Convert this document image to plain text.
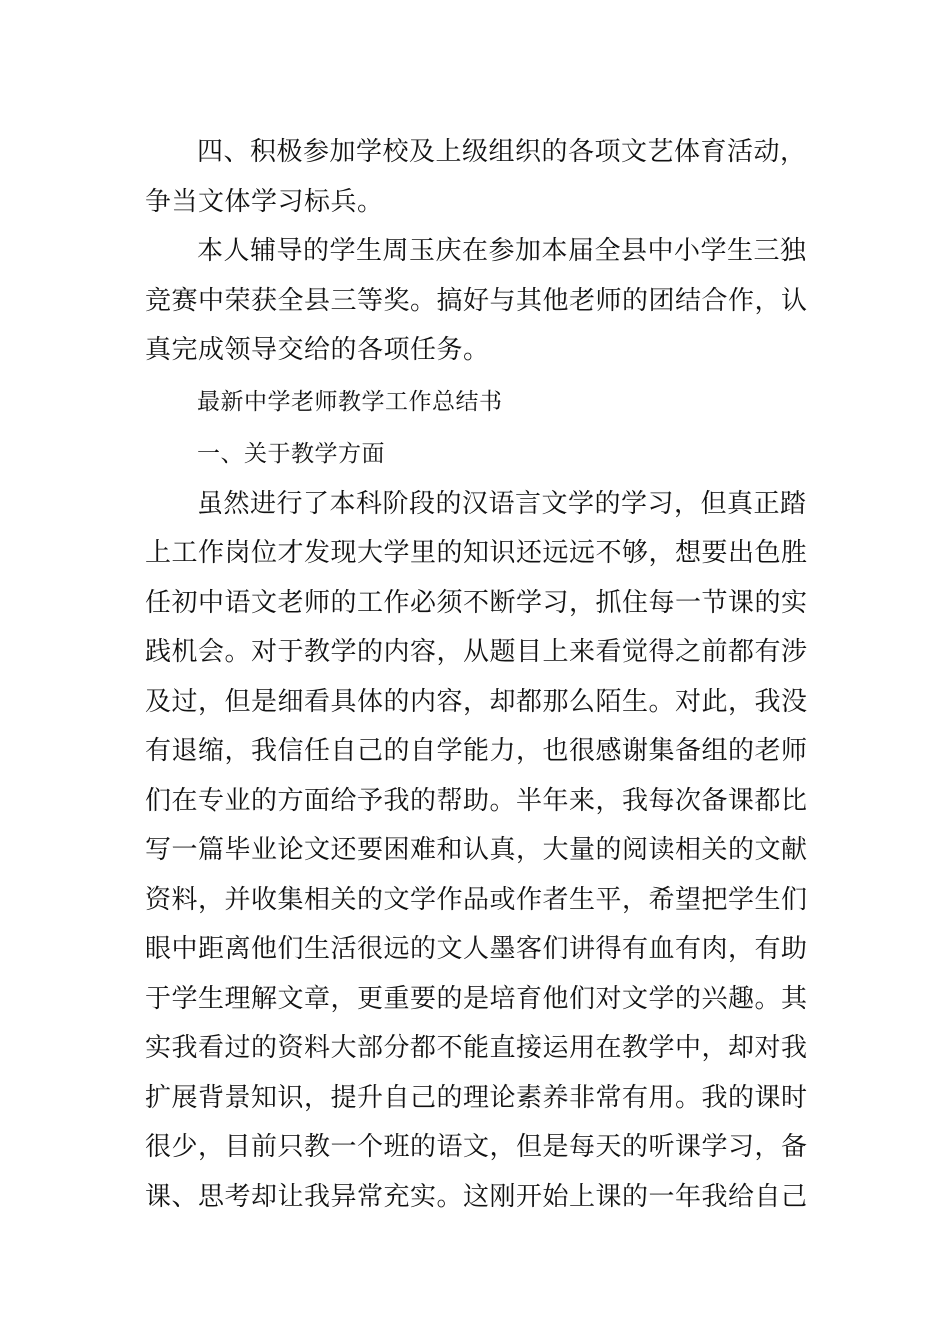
四、积极参加学校及上级组织的各项文艺体育活动，
争当文体学习标兵。

本人辅导的学生周玉庆在参加本届全县中小学生三独
竞赛中荣获全县三等奖。搞好与其他老师的团结合作，认
真完成领导交给的各项任务。

最新中学老师教学工作总结书

一、关于教学方面

虽然进行了本科阶段的汉语言文学的学习，但真正踏
上工作岗位才发现大学里的知识还远远不够，想要出色胜
任初中语文老师的工作必须不断学习，抓住每一节课的实
践机会。对于教学的内容，从题目上来看觉得之前都有涉
及过，但是细看具体的内容，却都那么陌生。对此，我没
有退缩，我信任自己的自学能力，也很感谢集备组的老师
们在专业的方面给予我的帮助。半年来，我每次备课都比
写一篇毕业论文还要困难和认真，大量的阅读相关的文献
资料，并收集相关的文学作品或作者生平，希望把学生们
眼中距离他们生活很远的文人墨客们讲得有血有肉，有助
于学生理解文章，更重要的是培育他们对文学的兴趣。其
实我看过的资料大部分都不能直接运用在教学中，却对我
扩展背景知识，提升自己的理论素养非常有用。我的课时
很少，目前只教一个班的语文，但是每天的听课学习，备
课、思考却让我异常充实。这刚开始上课的一年我给自己
